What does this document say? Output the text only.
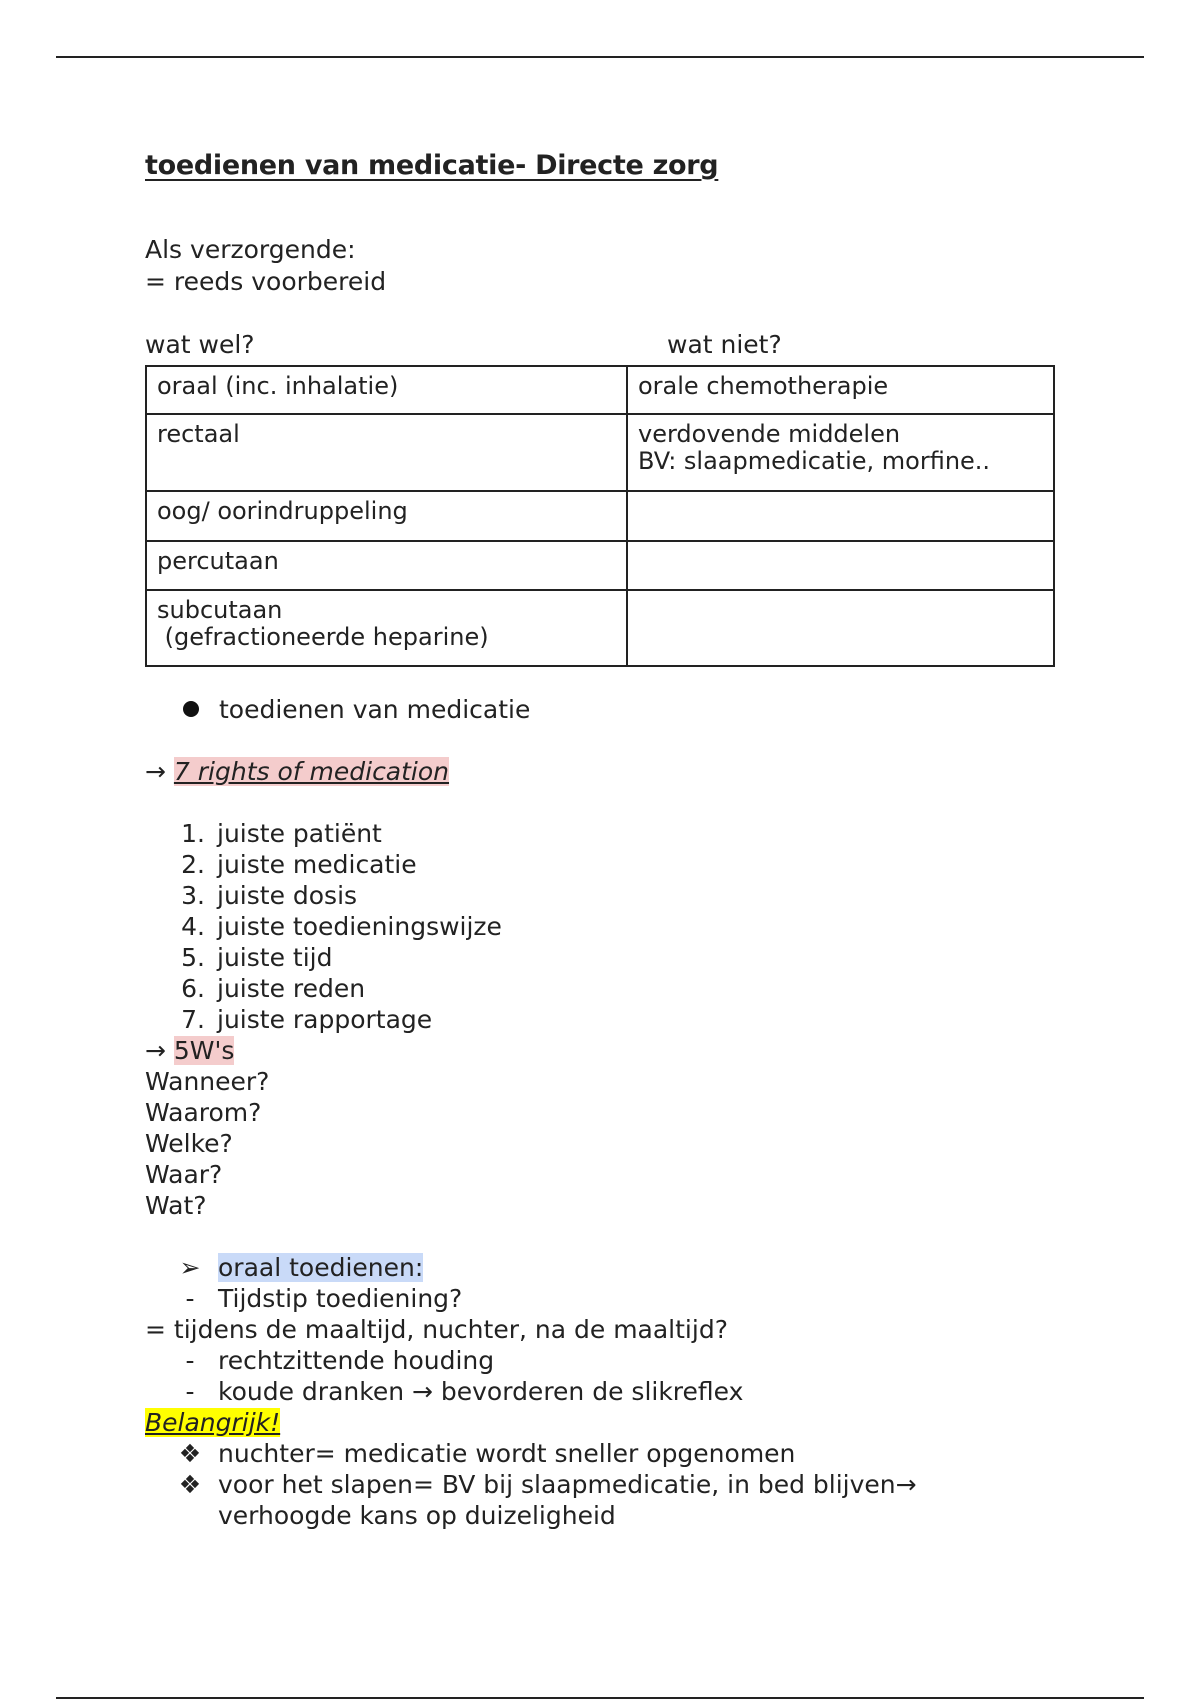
toedienen van medicatie- Directe zorg
Als verzorgende:
= reeds voorbereid
wat wel?	wat niet?
oraal (inc. inhalatie)	orale chemotherapie
rectaal	verdovende middelen
BV: slaapmedicatie, morfine..
oog/ oorindruppeling	
percutaan	
subcutaan
(gefractioneerde heparine)	
toedienen van medicatie
→ 7 rights of medication
1. juiste patiënt
2. juiste medicatie
3. juiste dosis
4. juiste toedieningswijze
5. juiste tijd
6. juiste reden
7. juiste rapportage
→ 5W's
Wanneer?
Waarom?
Welke?
Waar?
Wat?
➢ oraal toedienen:
- Tijdstip toediening?
= tijdens de maaltijd, nuchter, na de maaltijd?
- rechtzittende houding
- koude dranken → bevorderen de slikreflex
Belangrijk!
❖ nuchter= medicatie wordt sneller opgenomen
❖ voor het slapen= BV bij slaapmedicatie, in bed blijven→
verhoogde kans op duizeligheid
